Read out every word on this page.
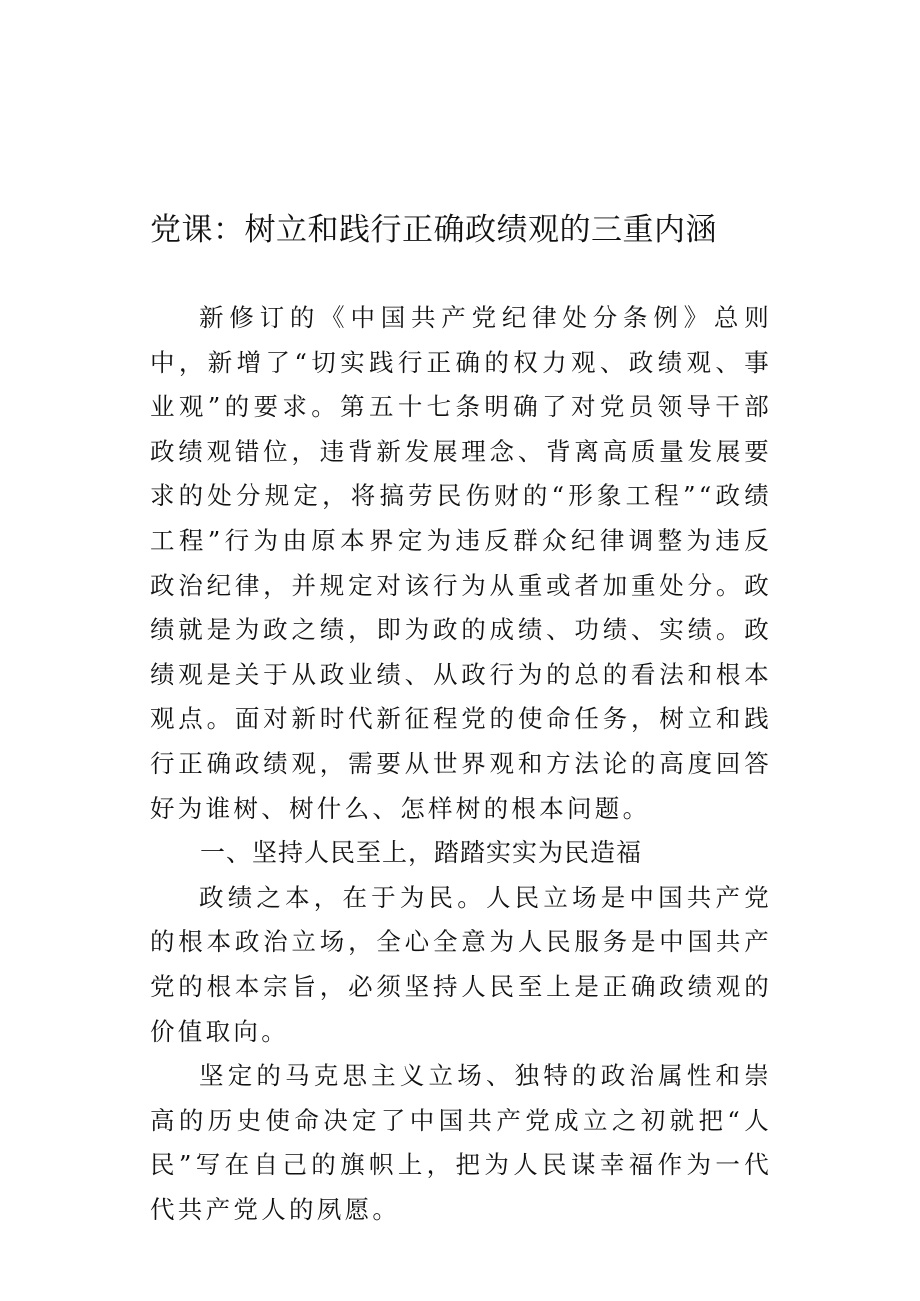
党课：树立和践行正确政绩观的三重内涵

新修订的《中国共产党纪律处分条例》总则中，新增了“切实践行正确的权力观、政绩观、事业观”的要求。第五十七条明确了对党员领导干部政绩观错位，违背新发展理念、背离高质量发展要求的处分规定，将搞劳民伤财的“形象工程”“政绩工程”行为由原本界定为违反群众纪律调整为违反政治纪律，并规定对该行为从重或者加重处分。政绩就是为政之绩，即为政的成绩、功绩、实绩。政绩观是关于从政业绩、从政行为的总的看法和根本观点。面对新时代新征程党的使命任务，树立和践行正确政绩观，需要从世界观和方法论的高度回答好为谁树、树什么、怎样树的根本问题。

一、坚持人民至上，踏踏实实为民造福

政绩之本，在于为民。人民立场是中国共产党的根本政治立场，全心全意为人民服务是中国共产党的根本宗旨，必须坚持人民至上是正确政绩观的价值取向。

坚定的马克思主义立场、独特的政治属性和崇高的历史使命决定了中国共产党成立之初就把“人民”写在自己的旗帜上，把为人民谋幸福作为一代代共产党人的夙愿。
